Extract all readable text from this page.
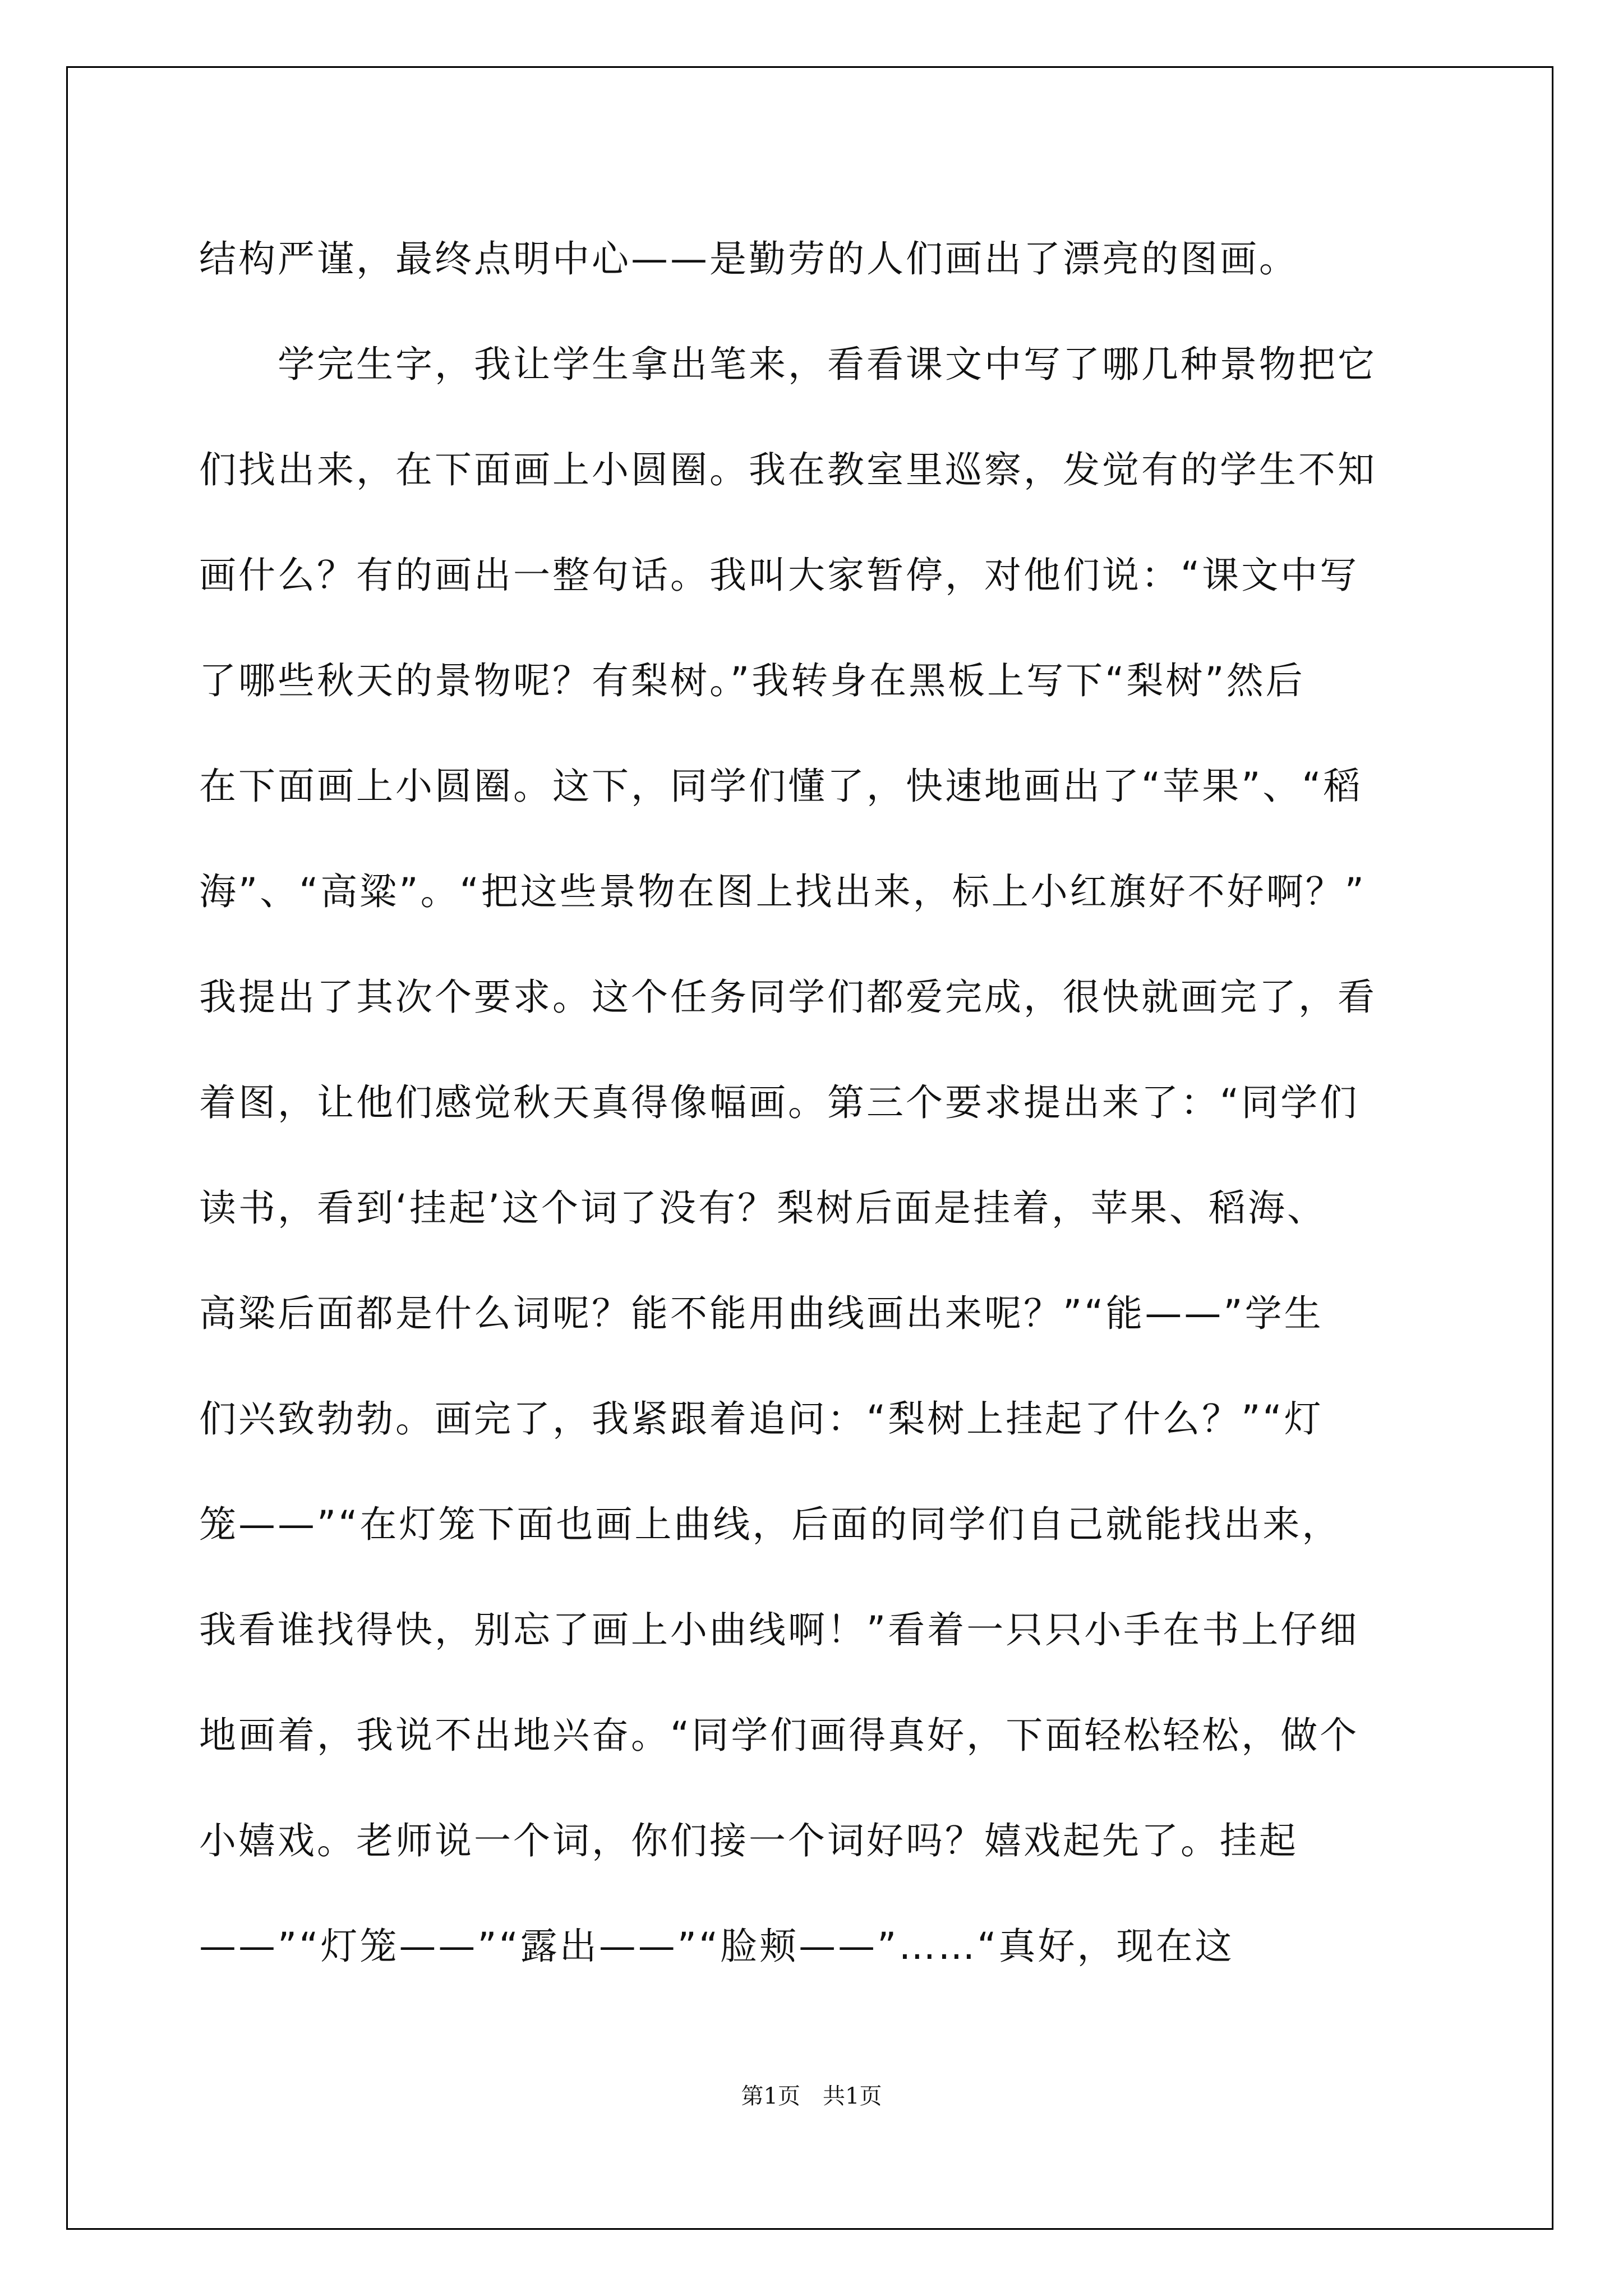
结构严谨，最终点明中心——是勤劳的人们画出了漂亮的图画。
　　学完生字，我让学生拿出笔来，看看课文中写了哪几种景物把它
们找出来，在下面画上小圆圈。我在教室里巡察，发觉有的学生不知
画什么？有的画出一整句话。我叫大家暂停，对他们说：“课文中写
了哪些秋天的景物呢？有梨树。”我转身在黑板上写下“梨树”然后
在下面画上小圆圈。这下，同学们懂了，快速地画出了“苹果”、“稻
海”、“高粱”。“把这些景物在图上找出来，标上小红旗好不好啊？”
我提出了其次个要求。这个任务同学们都爱完成，很快就画完了，看
着图，让他们感觉秋天真得像幅画。第三个要求提出来了：“同学们
读书，看到‘挂起’这个词了没有？梨树后面是挂着，苹果、稻海、
高粱后面都是什么词呢？能不能用曲线画出来呢？”“能——”学生
们兴致勃勃。画完了，我紧跟着追问：“梨树上挂起了什么？”“灯
笼——”“在灯笼下面也画上曲线，后面的同学们自己就能找出来，
我看谁找得快，别忘了画上小曲线啊！”看着一只只小手在书上仔细
地画着，我说不出地兴奋。“同学们画得真好，下面轻松轻松，做个
小嬉戏。老师说一个词，你们接一个词好吗？嬉戏起先了。挂起
——”“灯笼——”“露出——”“脸颊——”……“真好，现在这
第1页 共1页
